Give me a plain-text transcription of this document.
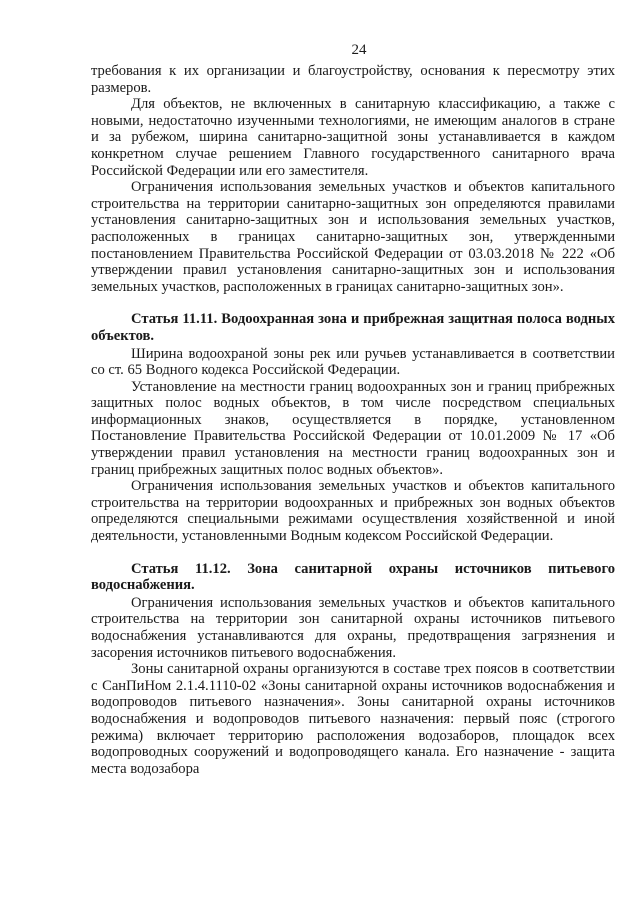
24

требования к их организации и благоустройству, основания к пересмотру этих размеров.

Для объектов, не включенных в санитарную классификацию, а также с новыми, недостаточно изученными технологиями, не имеющим аналогов в стране и за рубежом, ширина санитарно-защитной зоны устанавливается в каждом конкретном случае решением Главного государственного санитарного врача Российской Федерации или его заместителя.

Ограничения использования земельных участков и объектов капитального строительства на территории санитарно-защитных зон определяются правилами установления санитарно-защитных зон и использования земельных участков, расположенных в границах санитарно-защитных зон, утвержденными постановлением Правительства Российской Федерации от 03.03.2018 № 222 «Об утверждении правил установления санитарно-защитных зон и использования земельных участков, расположенных в границах санитарно-защитных зон».

Статья 11.11. Водоохранная зона и прибрежная защитная полоса водных объектов.

Ширина водоохраной зоны рек или ручьев устанавливается в соответствии со ст. 65 Водного кодекса Российской Федерации.

Установление на местности границ водоохранных зон и границ прибрежных защитных полос водных объектов, в том числе посредством специальных информационных знаков, осуществляется в порядке, установленном Постановление Правительства Российской Федерации от 10.01.2009 № 17 «Об утверждении правил установления на местности границ водоохранных зон и границ прибрежных защитных полос водных объектов».

Ограничения использования земельных участков и объектов капитального строительства на территории водоохранных и прибрежных зон водных объектов определяются специальными режимами осуществления хозяйственной и иной деятельности, установленными Водным кодексом Российской Федерации.

Статья 11.12. Зона санитарной охраны источников питьевого водоснабжения.

Ограничения использования земельных участков и объектов капитального строительства на территории зон санитарной охраны источников питьевого водоснабжения устанавливаются для охраны, предотвращения загрязнения и засорения источников питьевого водоснабжения.

Зоны санитарной охраны организуются в составе трех поясов в соответствии с СанПиНом 2.1.4.1110-02 «Зоны санитарной охраны источников водоснабжения и водопроводов питьевого назначения». Зоны санитарной охраны источников водоснабжения и водопроводов питьевого назначения: первый пояс (строгого режима) включает территорию расположения водозаборов, площадок всех водопроводных сооружений и водопроводящего канала. Его назначение - защита места водозабора
